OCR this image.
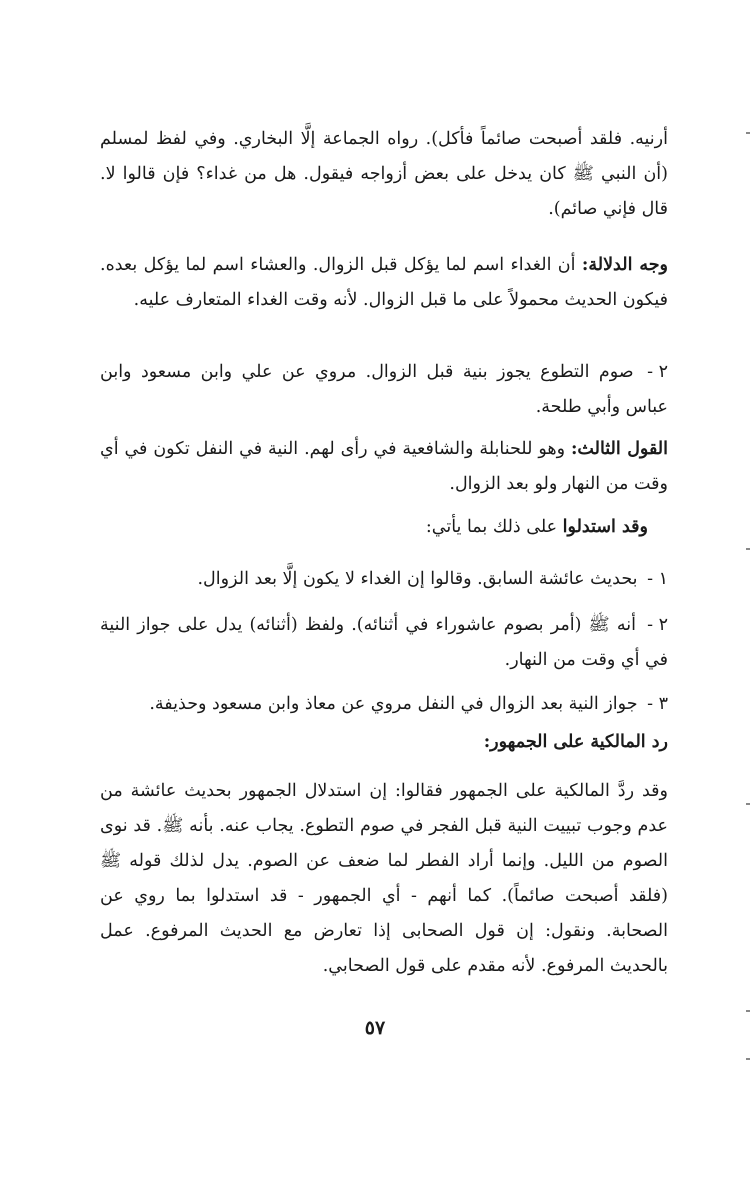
أرنيه. فلقد أصبحت صائماً فأكل). رواه الجماعة إلَّا البخاري. وفي لفظ لمسلم (أن النبي ﷺ كان يدخل على بعض أزواجه فيقول. هل من غداء؟ فإن قالوا لا. قال فإني صائم).

وجه الدلالة: أن الغداء اسم لما يؤكل قبل الزوال. والعشاء اسم لما يؤكل بعده. فيكون الحديث محمولاً على ما قبل الزوال. لأنه وقت الغداء المتعارف عليه.

٢ - صوم التطوع يجوز بنية قبل الزوال. مروي عن علي وابن مسعود وابن عباس وأبي طلحة.

القول الثالث: وهو للحنابلة والشافعية في رأى لهم. النية في النفل تكون في أي وقت من النهار ولو بعد الزوال.

وقد استدلوا على ذلك بما يأتي:

١ - بحديث عائشة السابق. وقالوا إن الغداء لا يكون إلَّا بعد الزوال.
٢ - أنه ﷺ (أمر بصوم عاشوراء في أثنائه). ولفظ (أثنائه) يدل على جواز النية في أي وقت من النهار.
٣ - جواز النية بعد الزوال في النفل مروي عن معاذ وابن مسعود وحذيفة.
رد المالكية على الجمهور:

وقد ردَّ المالكية على الجمهور فقالوا: إن استدلال الجمهور بحديث عائشة من عدم وجوب تبييت النية قبل الفجر في صوم التطوع. يجاب عنه. بأنه ﷺ. قد نوى الصوم من الليل. وإنما أراد الفطر لما ضعف عن الصوم. يدل لذلك قوله ﷺ (فلقد أصبحت صائماً). كما أنهم - أي الجمهور - قد استدلوا بما روي عن الصحابة. ونقول: إن قول الصحابى إذا تعارض مع الحديث المرفوع. عمل بالحديث المرفوع. لأنه مقدم على قول الصحابي.

٥٧
